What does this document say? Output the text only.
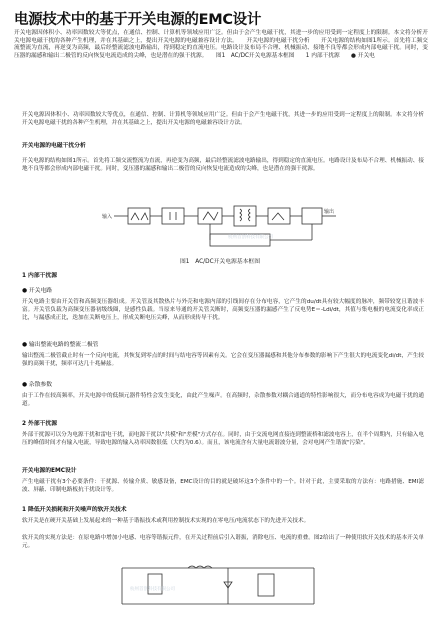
电源技术中的基于开关电源的EMC设计

开关电源因体积小、功率因数较大等优点，在通信、控制、计算机等领域应用广泛。但由于会产生电磁干扰，其进一步的应用受到一定程度上的限制。本文将分析开关电源电磁干扰的各种产生机理，并在其基础之上，提出开关电源的电磁兼容设计方法。　　开关电源的电磁干扰分析　　开关电源的结构如图1所示。首先将工频交流整流为直流，再逆变为高频，最后经整流滤波电路输出，得到稳定的直流电压。电路设计及布局不合理、机械振动、接地不良等都会形成内部电磁干扰。同时，变压器的漏感和输出二极管的反向恢复电流造成的尖峰，也是潜在的强干扰源。　　图1　AC/DC开关电源基本框图　　1 内部干扰源　　● 开关电

开关电源因体积小、功率因数较大等优点，在通信、控制、计算机等领域应用广泛。但由于会产生电磁干扰，其进一步的应用受到一定程度上的限制。本文将分析开关电源电磁干扰的各种产生机理，并在其基础之上，提出开关电源的电磁兼容设计方法。

开关电源的电磁干扰分析

开关电源的结构如图1所示。首先将工频交流整流为直流，再逆变为高频，最后经整流滤波电路输出，得到稳定的直流电压。电路设计及布局不合理、机械振动、接地不良等都会形成内部电磁干扰。同时，变压器的漏感和输出二极管的反向恢复电流造成的尖峰，也是潜在的强干扰源。

输入
输出
杭州首创科技有限公司

图1　AC/DC开关电源基本框图

1 内部干扰源

● 开关电路

开关电路主要由开关管和高频变压器组成。开关管及其散热片与外壳和电源内部的引线间存在分布电容，它产生的du/dt具有较大幅度的脉冲，频带较宽且谐波丰富。开关管负载为高频变压器初级线圈，是感性负载。当原来导通的开关管关断时，高频变压器的漏感产生了反电势E＝-Ldi/dt，其值与集电极的电流变化率成正比，与漏感成正比，迭加在关断电压上，形成关断电压尖峰，从而形成传导干扰。

● 输出整流电路的整流二极管

输出整流二极管截止时有一个反向电流，其恢复到零点的时间与结电容等因素有关。它会在变压器漏感和其他分布参数的影响下产生很大的电流变化di/dt，产生较强的高频干扰，频率可达几十兆赫兹。

● 杂散参数

由于工作在较高频率，开关电源中的低频元器件特性会发生变化，由此产生噪声。在高频时，杂散参数对耦合通道的特性影响很大，而分布电容成为电磁干扰的通道。

2 外部干扰源

外部干扰源可以分为电源干扰和雷电干扰，而电源干扰以"共模"和"差模"方式存在。同时，由于交流电网直接连到整流桥和滤波电容上，在半个周期内，只有输入电压的峰值时间才有输入电流，导致电源的输入功率因数很低（大约为0.6）。而且，该电流含有大量电流谐波分量，会对电网产生谐波"污染"。

开关电源的EMC设计

产生电磁干扰有3个必要条件：干扰源、传输介质、敏感设备，EMC设计的目的就是破坏这3个条件中的一个。针对于此，主要采取的方法有：电路措施、EMI滤波、屏蔽、印制电路板抗干扰设计等。

1 降低开关损耗和开关噪声的软开关技术

软开关是在硬开关基础上发展起来的一种基于谐振技术或利用控制技术实现的在零电压/电流状态下的先进开关技术。

软开关的实现方法是：在原电路中增加小电感、电容等谐振元件，在开关过程前后引入谐振，消除电压、电流的重叠。图2给出了一种使用软开关技术的基本开关单元。

杭州首创科技有限公司
